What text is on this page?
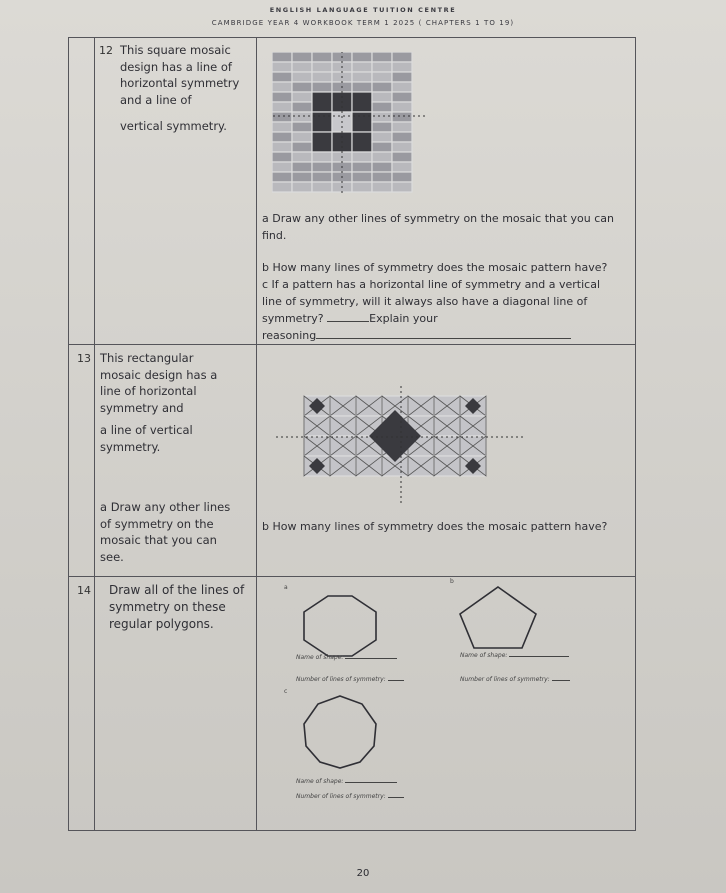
ENGLISH LANGUAGE TUITION CENTRE
CAMBRIDGE YEAR 4 WORKBOOK TERM 1 2025 ( CHAPTERS 1 TO 19)
12 This square mosaic
design has a line of
horizontal symmetry
and a line of
vertical symmetry.
a Draw any other lines of symmetry on the mosaic that you can find.
b How many lines of symmetry does the mosaic pattern have?
c If a pattern has a horizontal line of symmetry and a vertical
line of symmetry, will it always also have a diagonal line of
symmetry?	Explain your
reasoning
13 This rectangular
mosaic design has a
line of horizontal
symmetry and
a line of vertical
symmetry.
a Draw any other lines
of symmetry on the
mosaic that you can
see.
b How many lines of symmetry does the mosaic pattern have?
14 Draw all of the lines of
symmetry on these
regular polygons.
a
b
c
Name of shape:
Number of lines of symmetry:
Name of shape:
Number of lines of symmetry:
Name of shape:
Number of lines of symmetry:
20
